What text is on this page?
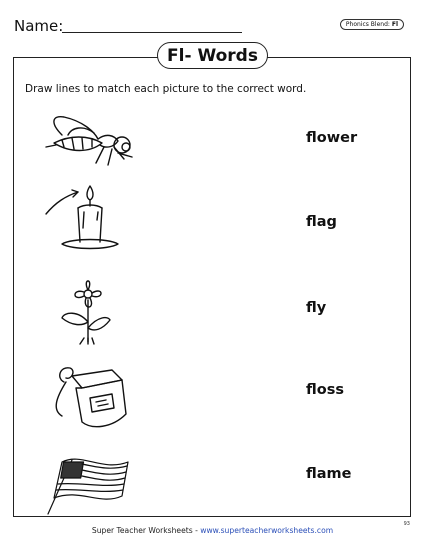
Name:	Phonics Blend: Fl
Fl- Words
Draw lines to match each picture to the correct word.
flower
flag
fly
floss
flame
Super Teacher Worksheets - www.superteacherworksheets.com
93
